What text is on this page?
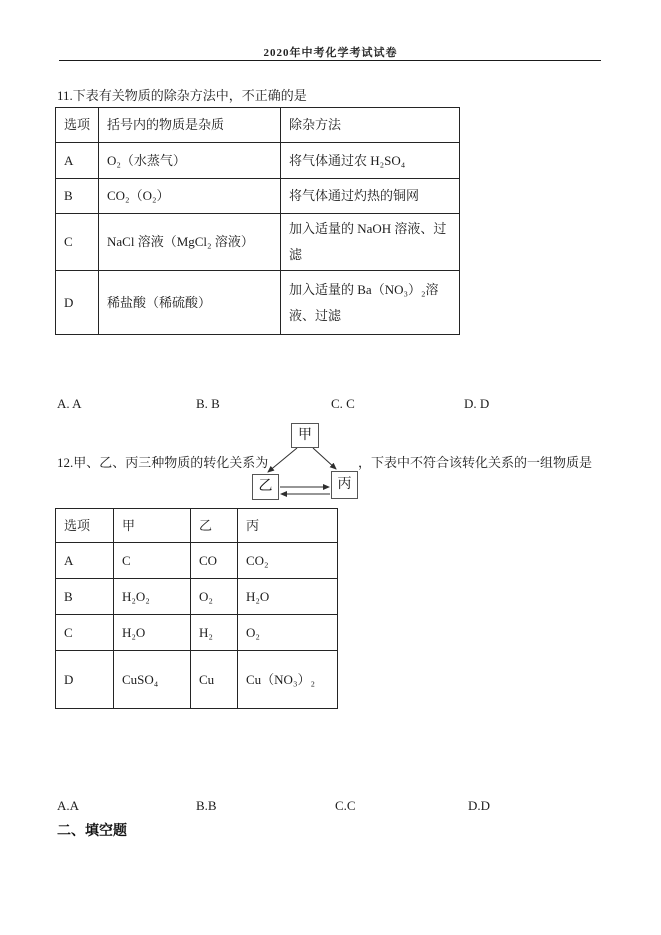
2020年中考化学考试试卷
11.下表有关物质的除杂方法中，不正确的是
选项	括号内的物质是杂质	除杂方法
A	O₂（水蒸气）	将气体通过农 H₂SO₄
B	CO₂（O₂）	将气体通过灼热的铜网
C	NaCl 溶液（MgCl₂ 溶液）	加入适量的 NaOH 溶液、过滤
D	稀盐酸（稀硫酸）	加入适量的 Ba（NO₃）₂溶液、过滤
A. A	B. B	C. C	D. D
12.甲、乙、丙三种物质的转化关系为	，下表中不符合该转化关系的一组物质是
甲
乙	丙
选项	甲	乙	丙
A	C	CO	CO₂
B	H₂O₂	O₂	H₂O
C	H₂O	H₂	O₂
D	CuSO₄	Cu	Cu（NO₃）₂
A.A	B.B	C.C	D.D
二、填空题
